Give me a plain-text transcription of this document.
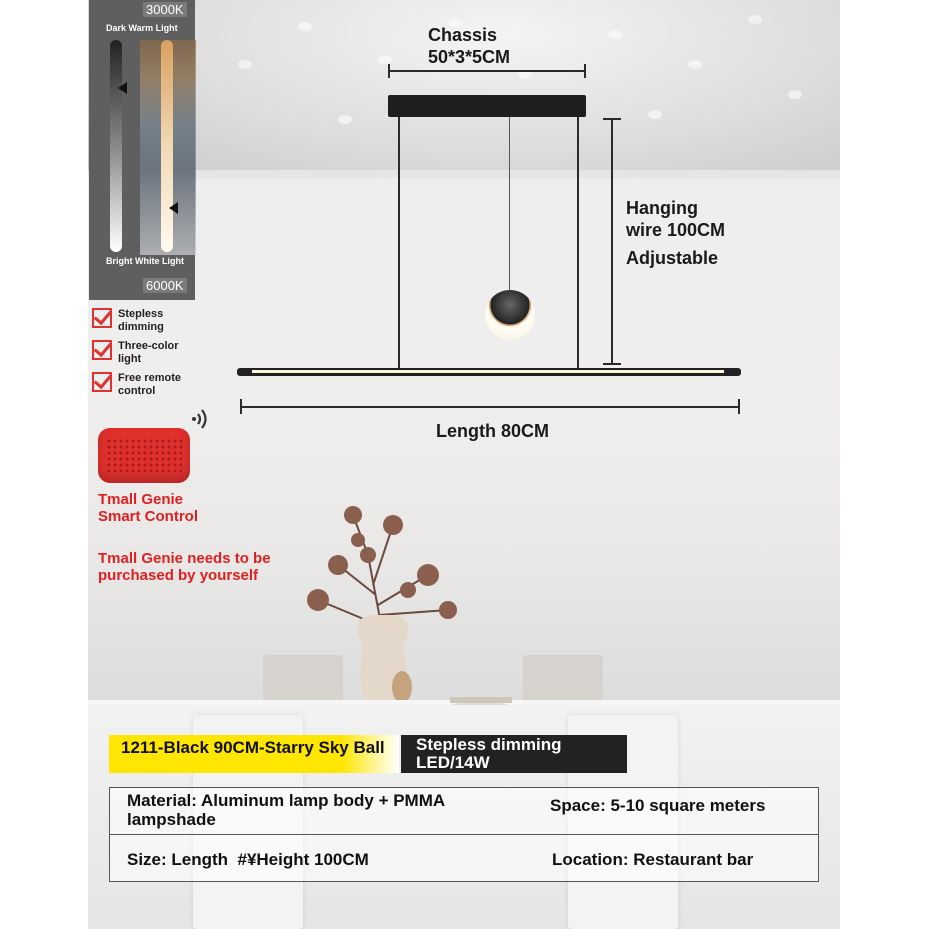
Chassis
50*3*5CM
Hanging
wire 100CM
Adjustable
Length 80CM
3000K
Dark Warm Light
Bright White Light
6000K
Stepless dimming
Three-color light
Free remote control
Tmall Genie Smart Control
Tmall Genie needs to be purchased by yourself
1211-Black 90CM-Starry Sky Ball	Stepless dimming LED/14W
Material: Aluminum lamp body + PMMA lampshade
Space: 5-10 square meters
Size: Length  #¥Height 100CM	Location: Restaurant bar
